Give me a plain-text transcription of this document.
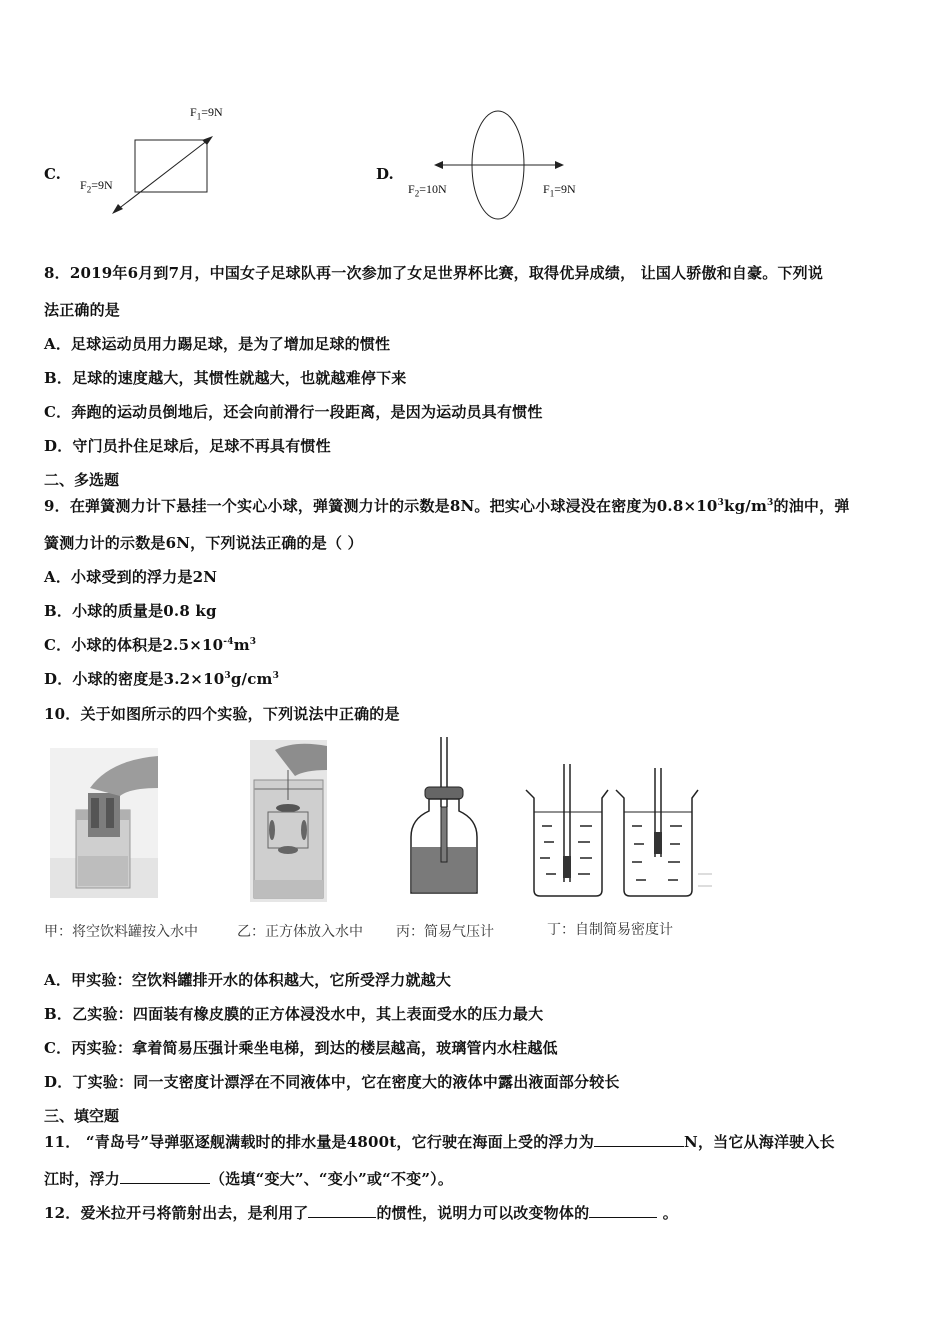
C.
$F_1=9N$
$F_2=9N$
D.
$F_2=10N$	$F_1=9N$
8．2019年6月到7月，中国女子足球队再一次参加了女足世界杯比赛，取得优异成绩， 让国人骄傲和自豪。下列说
法正确的是
A．足球运动员用力踢足球，是为了增加足球的惯性
B．足球的速度越大，其惯性就越大，也就越难停下来
C．奔跑的运动员倒地后，还会向前滑行一段距离，是因为运动员具有惯性
D．守门员扑住足球后，足球不再具有惯性
二、多选题
9．在弹簧测力计下悬挂一个实心小球，弹簧测力计的示数是8N。把实心小球浸没在密度为$0.8\times 10^3kg/m^3$的油中，弹
簧测力计的示数是6N，下列说法正确的是（ ）
A．小球受到的浮力是2N
B．小球的质量是0.8 kg
C．小球的体积是$2.5\times 10^{-4}m^3$
D．小球的密度是$3.2\times 10^3g/cm^3$
10．关于如图所示的四个实验，下列说法中正确的是
甲：将空饮料罐按入水中	乙：正方体放入水中 丙：简易气压计	丁：自制简易密度计
A．甲实验：空饮料罐排开水的体积越大，它所受浮力就越大
B．乙实验：四面装有橡皮膜的正方体浸没水中，其上表面受水的压力最大
C．丙实验：拿着简易压强计乘坐电梯，到达的楼层越高，玻璃管内水柱越低
D．丁实验：同一支密度计漂浮在不同液体中，它在密度大的液体中露出液面部分较长
三、填空题
11． “青岛号”导弹驱逐舰满载时的排水量是4800t，它行驶在海面上受的浮力为	N，当它从海洋驶入长
江时，浮力	（选填“变大”、“变小”或“不变”）。
12．爱米拉开弓将箭射出去，是利用了	的惯性，说明力可以改变物体的	。
